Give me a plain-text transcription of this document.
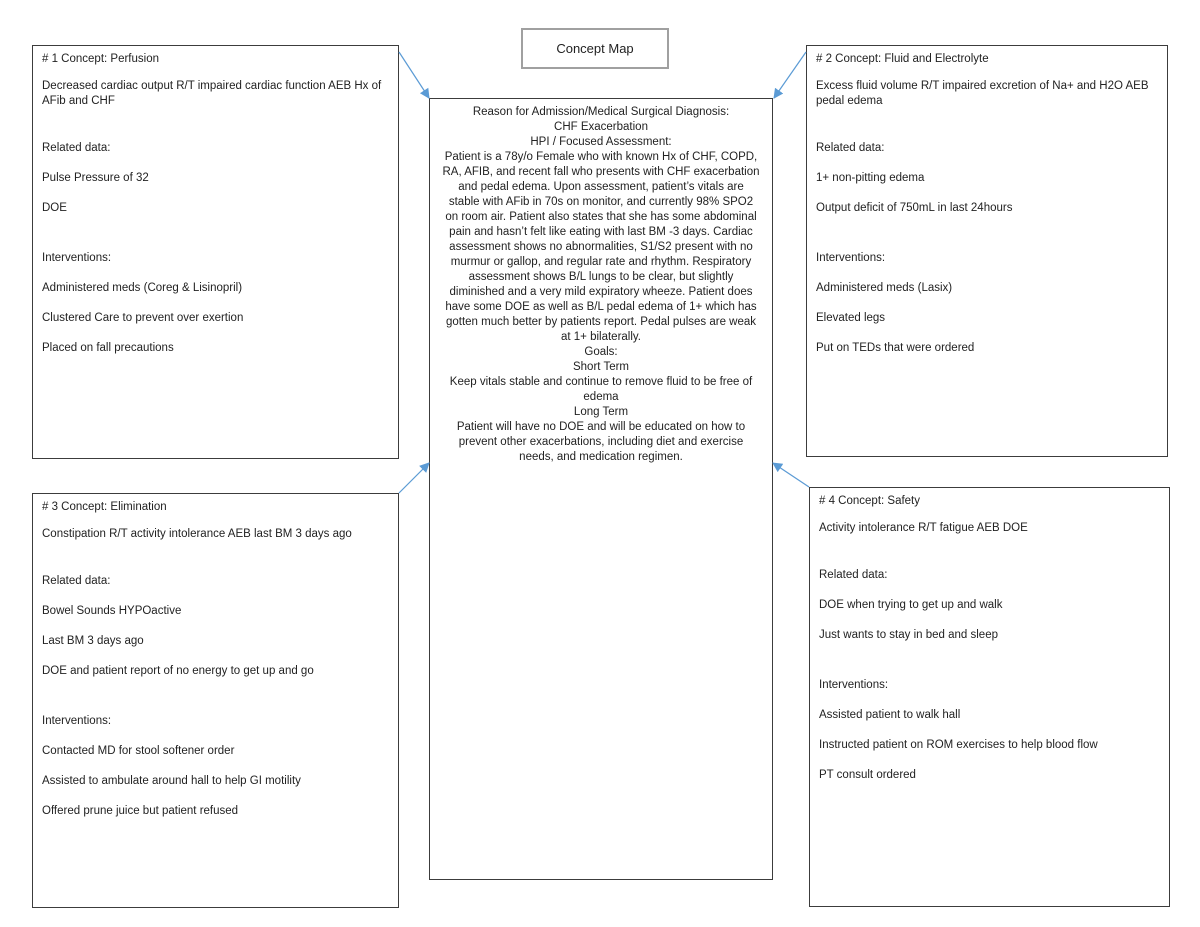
Concept Map

# 1 Concept: Perfusion

Decreased cardiac output R/T impaired cardiac function AEB Hx of AFib and CHF

Related data:

Pulse Pressure of 32

DOE

Interventions:

Administered meds (Coreg & Lisinopril)

Clustered Care to prevent over exertion

Placed on fall precautions

# 2 Concept: Fluid and Electrolyte

Excess fluid volume R/T impaired excretion of Na+ and H2O AEB pedal edema

Related data:

1+ non-pitting edema

Output deficit of 750mL in last 24hours

Interventions:

Administered meds (Lasix)

Elevated legs

Put on TEDs that were ordered

# 3 Concept: Elimination

Constipation R/T activity intolerance AEB last BM 3 days ago

Related data:

Bowel Sounds HYPOactive

Last BM 3 days ago

DOE and patient report of no energy to get up and go

Interventions:

Contacted MD for stool softener order

Assisted to ambulate around hall to help GI motility

Offered prune juice but patient refused

# 4 Concept: Safety

Activity intolerance R/T fatigue AEB DOE

Related data:

DOE when trying to get up and walk

Just wants to stay in bed and sleep

Interventions:

Assisted patient to walk hall

Instructed patient on ROM exercises to help blood flow

PT consult ordered

Reason for Admission/Medical Surgical Diagnosis:

CHF Exacerbation

HPI / Focused Assessment:

Patient is a 78y/o Female who with known Hx of CHF, COPD, RA, AFIB, and recent fall who presents with CHF exacerbation and pedal edema. Upon assessment, patient’s vitals are stable with AFib in 70s on monitor, and currently 98% SPO2 on room air. Patient also states that she has some abdominal pain and hasn’t felt like eating with last BM -3 days. Cardiac assessment shows no abnormalities, S1/S2 present with no murmur or gallop, and regular rate and rhythm. Respiratory assessment shows B/L lungs to be clear, but slightly diminished and a very mild expiratory wheeze. Patient does have some DOE as well as B/L pedal edema of 1+ which has gotten much better by patients report. Pedal pulses are weak at 1+ bilaterally.

Goals:

Short Term

Keep vitals stable and continue to remove fluid to be free of edema

Long Term

Patient will have no DOE and will be educated on how to prevent other exacerbations, including diet and exercise needs, and medication regimen.
